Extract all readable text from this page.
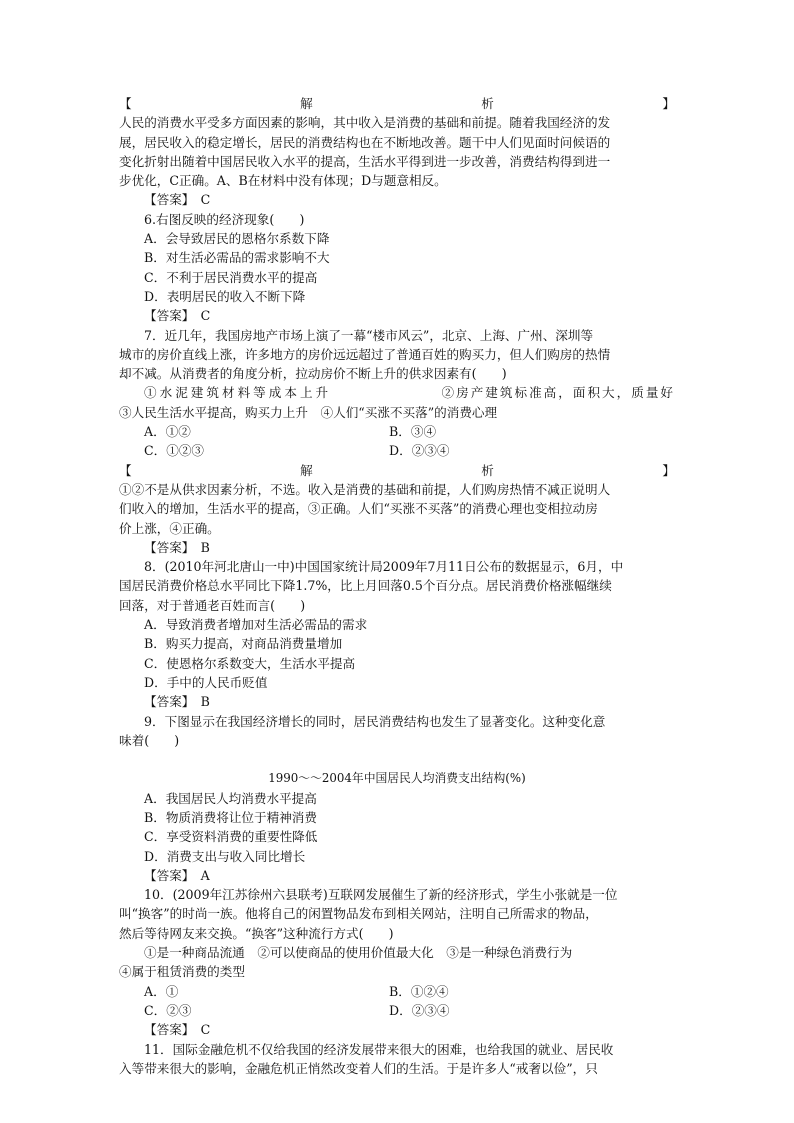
【	解	析	】
人民的消费水平受多方面因素的影响，其中收入是消费的基础和前提。随着我国经济的发
展，居民收入的稳定增长，居民的消费结构也在不断地改善。题干中人们见面时问候语的
变化折射出随着中国居民收入水平的提高，生活水平得到进一步改善，消费结构得到进一
步优化，C正确。A、B在材料中没有体现；D与题意相反。
【答案】　 C
6.右图反映的经济现象(　　)
A．会导致居民的恩格尔系数下降
B．对生活必需品的需求影响不大
C．不利于居民消费水平的提高
D．表明居民的收入不断下降
【答案】　 C
7．近几年，我国房地产市场上演了一幕“楼市风云”，北京、上海、广州、深圳等
城市的房价直线上涨，许多地方的房价远远超过了普通百姓的购买力，但人们购房的热情
却不减。从消费者的角度分析，拉动房价不断上升的供求因素有(　　)
①水泥建筑材料等成本上升	②房产建筑标准高，面积大，质量好
③人民生活水平提高，购买力上升　④人们“买涨不买落”的消费心理
A．①②	B．③④
C．①②③	D．②③④
【	解	析	】
①②不是从供求因素分析，不选。收入是消费的基础和前提，人们购房热情不减正说明人
们收入的增加，生活水平的提高，③正确。人们“买涨不买落”的消费心理也变相拉动房
价上涨，④正确。
【答案】　 B
8．(2010年河北唐山一中)中国国家统计局2009年7月11日公布的数据显示，6月，中
国居民消费价格总水平同比下降1.7%，比上月回落0.5个百分点。居民消费价格涨幅继续
回落，对于普通老百姓而言(　　)
A．导致消费者增加对生活必需品的需求
B．购买力提高，对商品消费量增加
C．使恩格尔系数变大，生活水平提高
D．手中的人民币贬值
【答案】　 B
9．下图显示在我国经济增长的同时，居民消费结构也发生了显著变化。这种变化意
味着(　　)
1990～～2004年中国居民人均消费支出结构(%)
A．我国居民人均消费水平提高
B．物质消费将让位于精神消费
C．享受资料消费的重要性降低
D．消费支出与收入同比增长
【答案】　 A
10．(2009年江苏徐州六县联考)互联网发展催生了新的经济形式，学生小张就是一位
叫“换客”的时尚一族。他将自己的闲置物品发布到相关网站，注明自己所需求的物品，
然后等待网友来交换。“换客”这种流行方式(　　)
①是一种商品流通　②可以使商品的使用价值最大化　③是一种绿色消费行为
④属于租赁消费的类型
A．①	B．①②④
C．②③	D．②③④
【答案】　 C
11．国际金融危机不仅给我国的经济发展带来很大的困难，也给我国的就业、居民收
入等带来很大的影响，金融危机正悄然改变着人们的生活。于是许多人“戒奢以俭”，只
